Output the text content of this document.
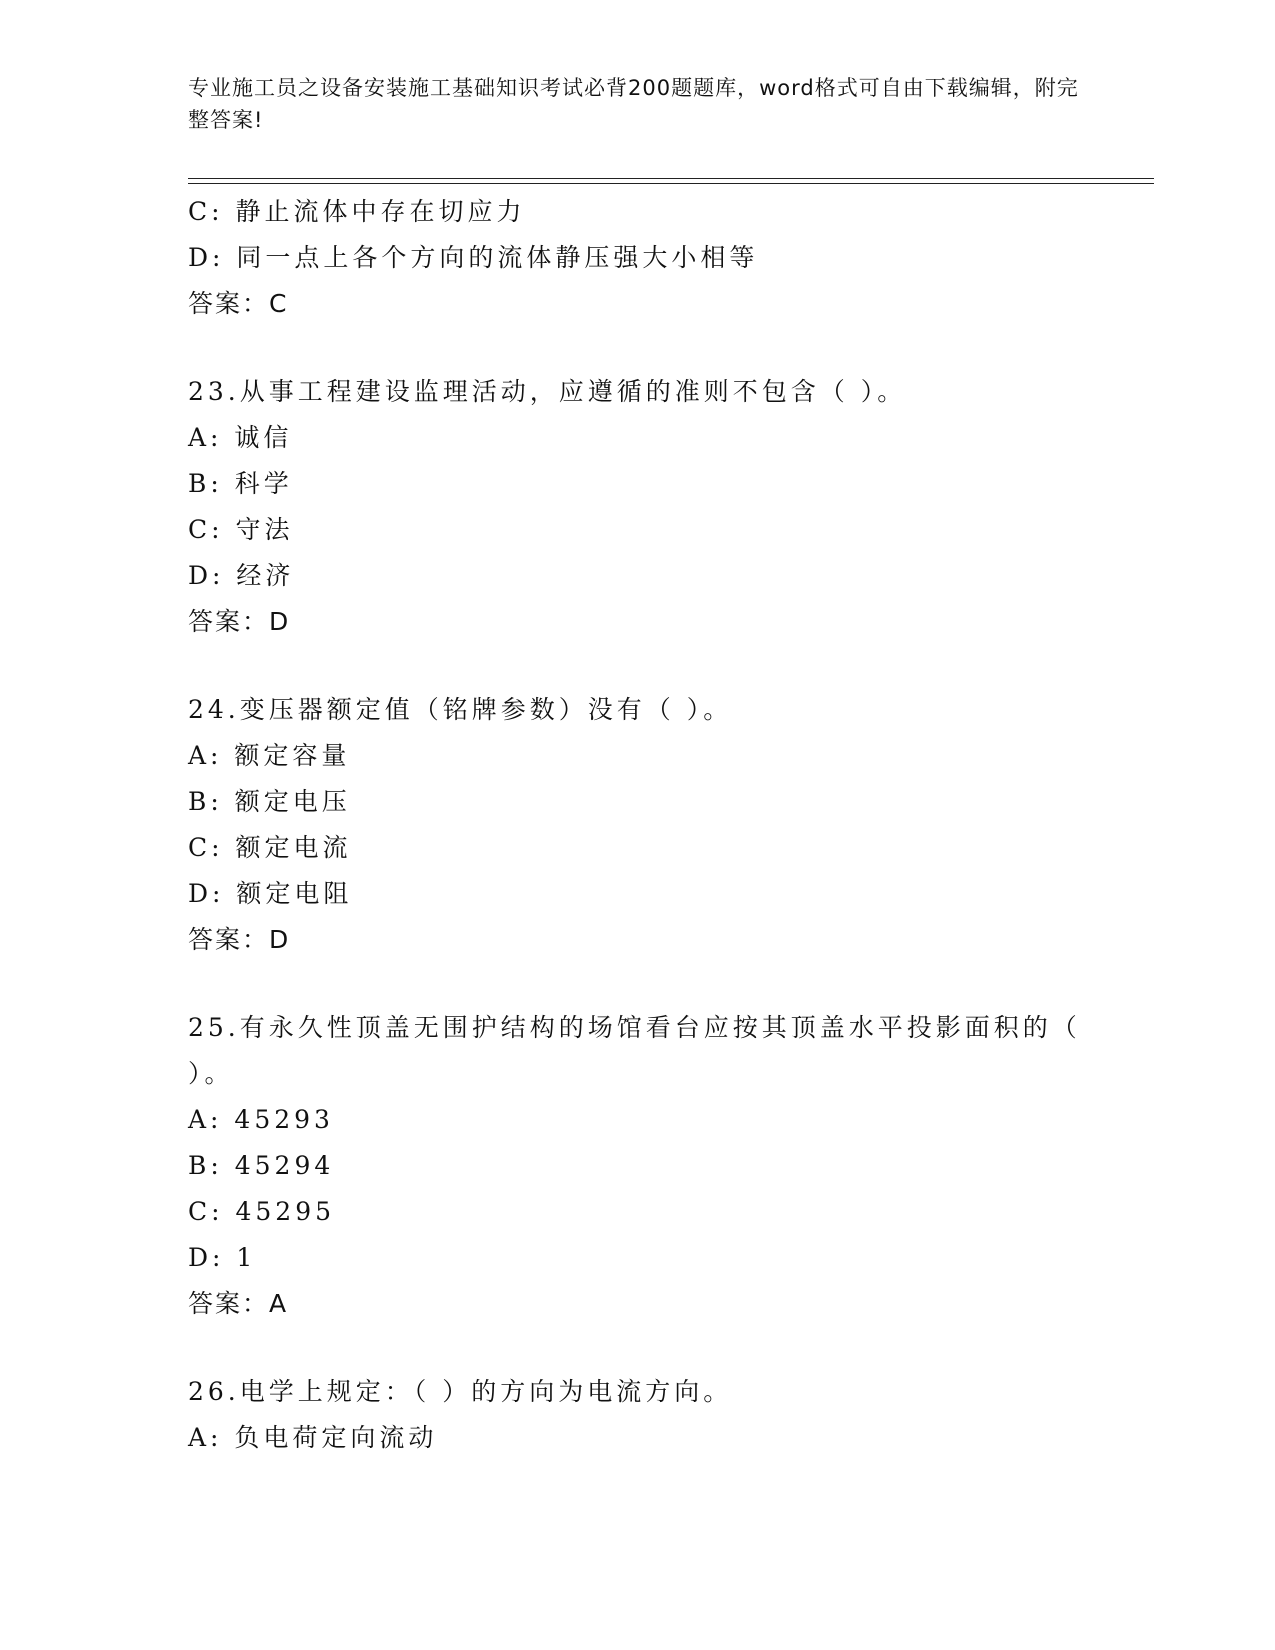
专业施工员之设备安装施工基础知识考试必背200题题库，word格式可自由下载编辑，附完整答案!
C: 静止流体中存在切应力
D: 同一点上各个方向的流体静压强大小相等
答案：C
23.从事工程建设监理活动，应遵循的准则不包含（ ）。
A: 诚信
B: 科学
C: 守法
D: 经济
答案：D
24.变压器额定值（铭牌参数）没有（ ）。
A: 额定容量
B: 额定电压
C: 额定电流
D: 额定电阻
答案：D
25.有永久性顶盖无围护结构的场馆看台应按其顶盖水平投影面积的（ ）。
A: 45293
B: 45294
C: 45295
D: 1
答案：A
26.电学上规定：（ ）的方向为电流方向。
A: 负电荷定向流动
